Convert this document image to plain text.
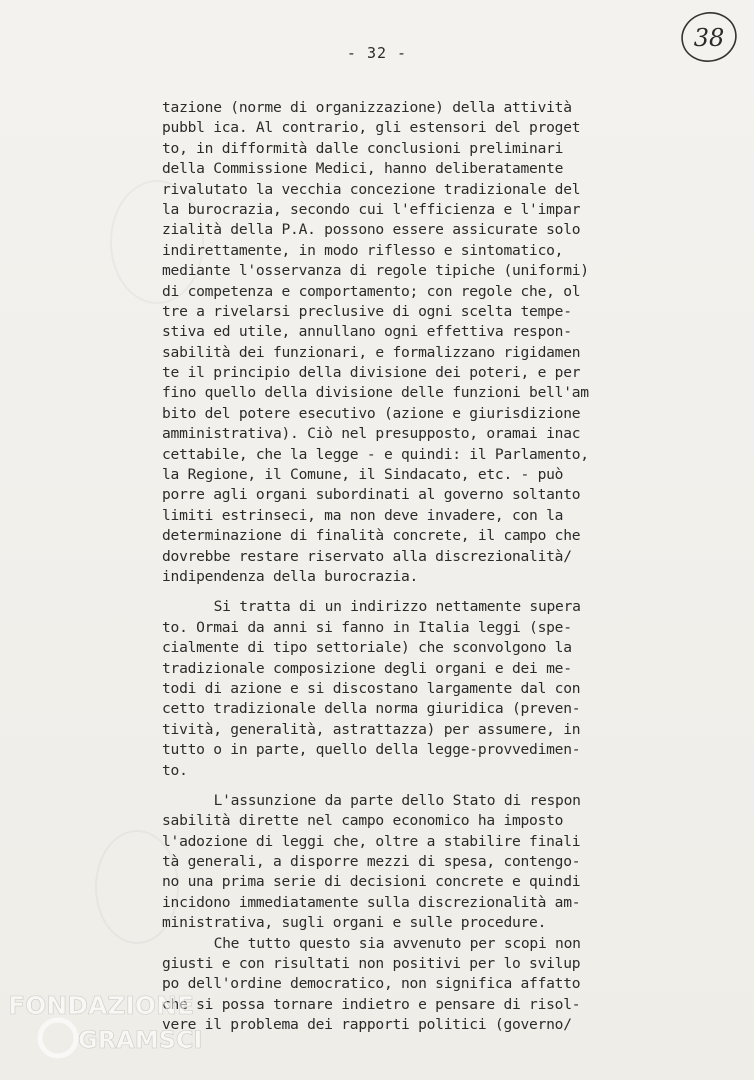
38
- 32 -
tazione (norme di organizzazione) della attività
pubbl ica. Al contrario, gli estensori del proget
to, in difformità dalle conclusioni preliminari
della Commissione Medici, hanno deliberatamente
rivalutato la vecchia concezione tradizionale del
la burocrazia, secondo cui l'efficienza e l'impar
zialità della P.A. possono essere assicurate solo
indirettamente, in modo riflesso e sintomatico,
mediante l'osservanza di regole tipiche (uniformi)
di competenza e comportamento; con regole che, ol
tre a rivelarsi preclusive di ogni scelta tempe-
stiva ed utile, annullano ogni effettiva respon-
sabilità dei funzionari, e formalizzano rigidamen
te il principio della divisione dei poteri, e per
fino quello della divisione delle funzioni bell'am
bito del potere esecutivo (azione e giurisdizione
amministrativa). Ciò nel presupposto, oramai inac
cettabile, che la legge - e quindi: il Parlamento,
la Regione, il Comune, il Sindacato, etc. - può
porre agli organi subordinati al governo soltanto
limiti estrinseci, ma non deve invadere, con la
determinazione di finalità concrete, il campo che
dovrebbe restare riservato alla discrezionalità/
indipendenza della burocrazia.
Si tratta di un indirizzo nettamente supera
to. Ormai da anni si fanno in Italia leggi (spe-
cialmente di tipo settoriale) che sconvolgono la
tradizionale composizione degli organi e dei me-
todi di azione e si discostano largamente dal con
cetto tradizionale della norma giuridica (preven-
tività, generalità, astrattazza) per assumere, in
tutto o in parte, quello della legge-provvedimen-
to.
L'assunzione da parte dello Stato di respon
sabilità dirette nel campo economico ha imposto
l'adozione di leggi che, oltre a stabilire finali
tà generali, a disporre mezzi di spesa, contengo-
no una prima serie di decisioni concrete e quindi
incidono immediatamente sulla discrezionalità am-
ministrativa, sugli organi e sulle procedure.
Che tutto questo sia avvenuto per scopi non
giusti e con risultati non positivi per lo svilup
po dell'ordine democratico, non significa affatto
che si possa tornare indietro e pensare di risol-
vere il problema dei rapporti politici (governo/
FONDAZIONE
GRAMSCI
